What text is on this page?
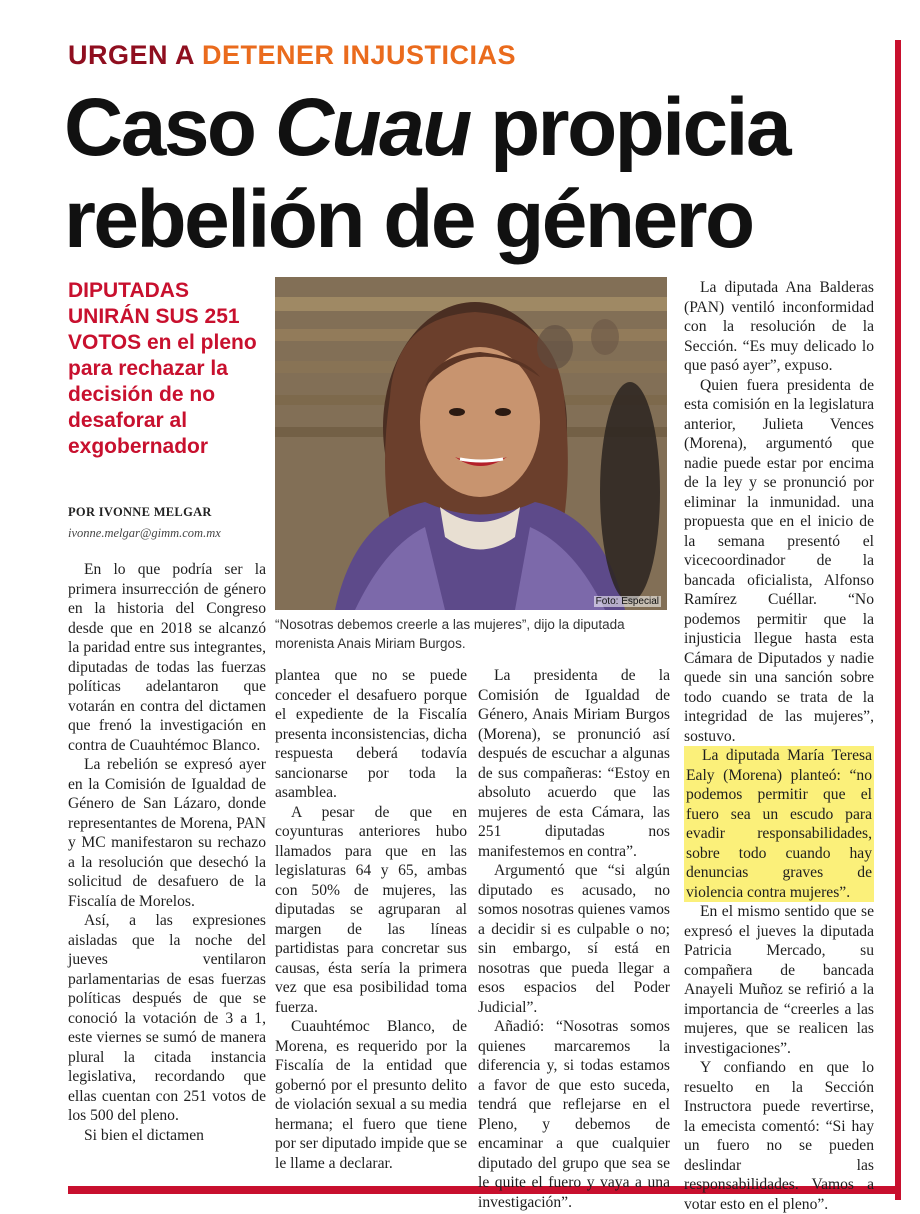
URGEN A DETENER INJUSTICIAS
Caso Cuau propicia
rebelión de género
DIPUTADAS UNIRÁN SUS 251 VOTOS en el pleno para rechazar la decisión de no desaforar al exgobernador
POR IVONNE MELGAR
ivonne.melgar@gimm.com.mx
Foto: Especial
“Nosotras debemos creerle a las mujeres”, dijo la diputada morenista Anais Miriam Burgos.

En lo que podría ser la primera insurrección de género en la historia del Congreso desde que en 2018 se alcanzó la paridad entre sus integrantes, diputadas de todas las fuerzas políticas adelantaron que votarán en contra del dictamen que frenó la investigación en contra de Cuauhtémoc Blanco.

La rebelión se expresó ayer en la Comisión de Igualdad de Género de San Lázaro, donde representantes de Morena, PAN y MC manifestaron su rechazo a la resolución que desechó la solicitud de desafuero de la Fiscalía de Morelos.

Así, a las expresiones aisladas que la noche del jueves ventilaron parlamentarias de esas fuerzas políticas después de que se conoció la votación de 3 a 1, este viernes se sumó de manera plural la citada instancia legislativa, recordando que ellas cuentan con 251 votos de los 500 del pleno.

Si bien el dictamen

plantea que no se puede conceder el desafuero porque el expediente de la Fiscalía presenta inconsistencias, dicha respuesta deberá todavía sancionarse por toda la asamblea.

A pesar de que en coyunturas anteriores hubo llamados para que en las legislaturas 64 y 65, ambas con 50% de mujeres, las diputadas se agruparan al margen de las líneas partidistas para concretar sus causas, ésta sería la primera vez que esa posibilidad toma fuerza.

Cuauhtémoc Blanco, de Morena, es requerido por la Fiscalía de la entidad que gobernó por el presunto delito de violación sexual a su media hermana; el fuero que tiene por ser diputado impide que se le llame a declarar.

La presidenta de la Comisión de Igualdad de Género, Anais Miriam Burgos (Morena), se pronunció así después de escuchar a algunas de sus compañeras: “Estoy en absoluto acuerdo que las mujeres de esta Cámara, las 251 diputadas nos manifestemos en contra”.

Argumentó que “si algún diputado es acusado, no somos nosotras quienes vamos a decidir si es culpable o no; sin embargo, sí está en nosotras que pueda llegar a esos espacios del Poder Judicial”.

Añadió: “Nosotras somos quienes marcaremos la diferencia y, si todas estamos a favor de que esto suceda, tendrá que reflejarse en el Pleno, y debemos de encaminar a que cualquier diputado del grupo que sea se le quite el fuero y vaya a una investigación”.

La diputada Ana Balderas (PAN) ventiló inconformidad con la resolución de la Sección. “Es muy delicado lo que pasó ayer”, expuso.

Quien fuera presidenta de esta comisión en la legislatura anterior, Julieta Vences (Morena), argumentó que nadie puede estar por encima de la ley y se pronunció por eliminar la inmunidad. una propuesta que en el inicio de la semana presentó el vicecoordinador de la bancada oficialista, Alfonso Ramírez Cuéllar. “No podemos permitir que la injusticia llegue hasta esta Cámara de Diputados y nadie quede sin una sanción sobre todo cuando se trata de la integridad de las mujeres”, sostuvo.

La diputada María Teresa Ealy (Morena) planteó: “no podemos permitir que el fuero sea un escudo para evadir responsabilidades, sobre todo cuando hay denuncias graves de violencia contra mujeres”.

En el mismo sentido que se expresó el jueves la diputada Patricia Mercado, su compañera de bancada Anayeli Muñoz se refirió a la importancia de “creerles a las mujeres, que se realicen las investigaciones”.

Y confiando en que lo resuelto en la Sección Instructora puede revertirse, la emecista comentó: “Si hay un fuero no se pueden deslindar las responsabilidades. Vamos a votar esto en el pleno”.
